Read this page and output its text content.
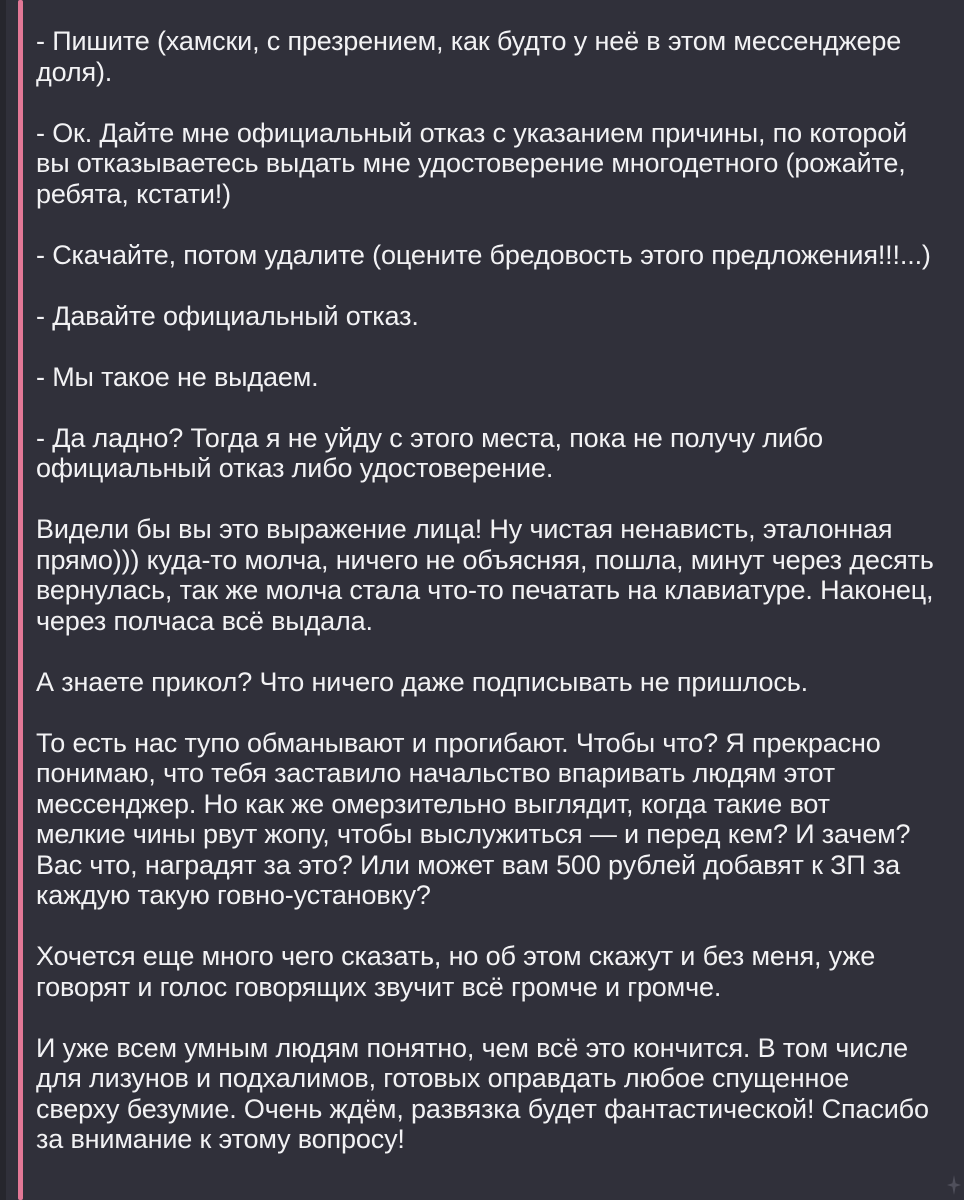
- Пишите (хамски, с презрением, как будто у неё в этом мессенджере
доля).

- Ок. Дайте мне официальный отказ с указанием причины, по которой
вы отказываетесь выдать мне удостоверение многодетного (рожайте,
ребята, кстати!)

- Скачайте, потом удалите (оцените бредовость этого предложения!!!...)

- Давайте официальный отказ.

- Мы такое не выдаем.

- Да ладно? Тогда я не уйду с этого места, пока не получу либо
официальный отказ либо удостоверение.

Видели бы вы это выражение лица! Ну чистая ненависть, эталонная
прямо))) куда-то молча, ничего не объясняя, пошла, минут через десять
вернулась, так же молча стала что-то печатать на клавиатуре. Наконец,
через полчаса всё выдала.

А знаете прикол? Что ничего даже подписывать не пришлось.

То есть нас тупо обманывают и прогибают. Чтобы что? Я прекрасно
понимаю, что тебя заставило начальство впаривать людям этот
мессенджер. Но как же омерзительно выглядит, когда такие вот
мелкие чины рвут жопу, чтобы выслужиться — и перед кем? И зачем?
Вас что, наградят за это? Или может вам 500 рублей добавят к ЗП за
каждую такую говно-установку?

Хочется еще много чего сказать, но об этом скажут и без меня, уже
говорят и голос говорящих звучит всё громче и громче.

И уже всем умным людям понятно, чем всё это кончится. В том числе
для лизунов и подхалимов, готовых оправдать любое спущенное
сверху безумие. Очень ждём, развязка будет фантастической! Спасибо
за внимание к этому вопросу!
